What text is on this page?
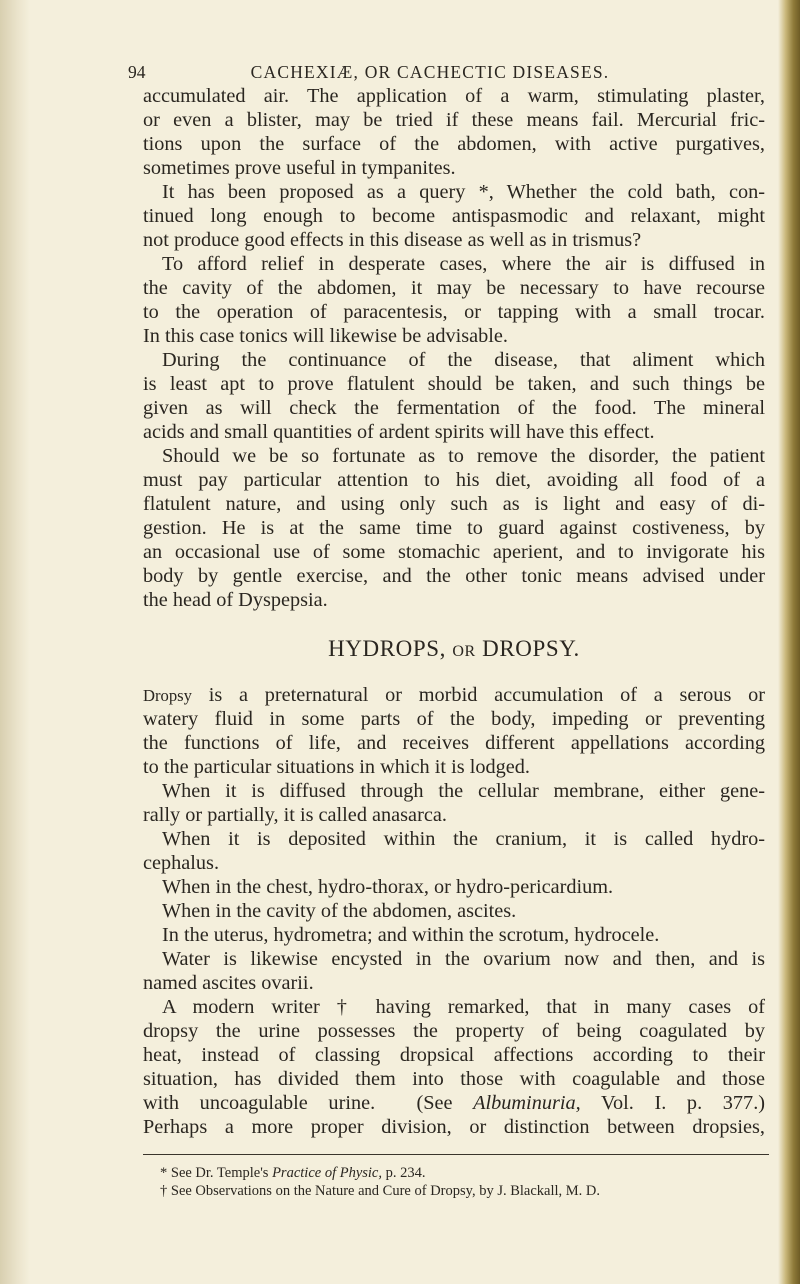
94	CACHEXIÆ, OR CACHECTIC DISEASES.
accumulated air. The application of a warm, stimulating plaster,
or even a blister, may be tried if these means fail. Mercurial fric-
tions upon the surface of the abdomen, with active purgatives,
sometimes prove useful in tympanites.
It has been proposed as a query *, Whether the cold bath, con-
tinued long enough to become antispasmodic and relaxant, might
not produce good effects in this disease as well as in trismus?
To afford relief in desperate cases, where the air is diffused in
the cavity of the abdomen, it may be necessary to have recourse
to the operation of paracentesis, or tapping with a small trocar.
In this case tonics will likewise be advisable.
During the continuance of the disease, that aliment which
is least apt to prove flatulent should be taken, and such things be
given as will check the fermentation of the food. The mineral
acids and small quantities of ardent spirits will have this effect.
Should we be so fortunate as to remove the disorder, the patient
must pay particular attention to his diet, avoiding all food of a
flatulent nature, and using only such as is light and easy of di-
gestion. He is at the same time to guard against costiveness, by
an occasional use of some stomachic aperient, and to invigorate his
body by gentle exercise, and the other tonic means advised under
the head of Dyspepsia.
HYDROPS, OR DROPSY.
Dropsy is a preternatural or morbid accumulation of a serous or
watery fluid in some parts of the body, impeding or preventing
the functions of life, and receives different appellations according
to the particular situations in which it is lodged.
When it is diffused through the cellular membrane, either gene-
rally or partially, it is called anasarca.
When it is deposited within the cranium, it is called hydro-
cephalus.
When in the chest, hydro-thorax, or hydro-pericardium.
When in the cavity of the abdomen, ascites.
In the uterus, hydrometra; and within the scrotum, hydrocele.
Water is likewise encysted in the ovarium now and then, and is
named ascites ovarii.
A modern writer † having remarked, that in many cases of
dropsy the urine possesses the property of being coagulated by
heat, instead of classing dropsical affections according to their
situation, has divided them into those with coagulable and those
with uncoagulable urine. (See Albuminuria, Vol. I. p. 377.)
Perhaps a more proper division, or distinction between dropsies,
* See Dr. Temple's Practice of Physic, p. 234.
† See Observations on the Nature and Cure of Dropsy, by J. Blackall, M. D.
